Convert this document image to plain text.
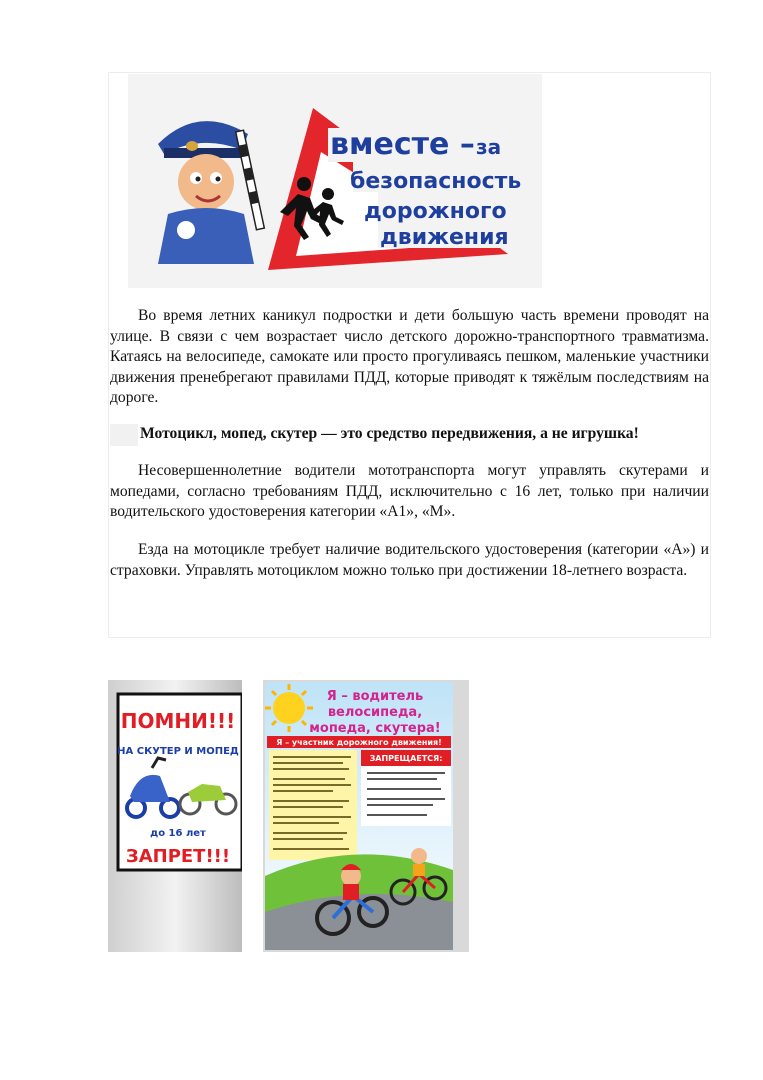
вместе – за
безопасность
дорожного
движения

Во время летних каникул подростки и дети большую часть времени проводят на улице. В связи с чем возрастает число детского дорожно-транспортного травматизма. Катаясь на велосипеде, самокате или просто прогуливаясь пешком, маленькие участники движения пренебрегают правилами ПДД, которые приводят к тяжёлым последствиям на дороге.

Мотоцикл, мопед, скутер — это средство передвижения, а не игрушка!

Несовершеннолетние водители мототранспорта могут управлять скутерами и мопедами, согласно требованиям ПДД, исключительно с 16 лет, только при наличии водительского удостоверения категории «А1», «М».

Езда на мотоцикле требует наличие водительского удостоверения (категории «А») и страховки. Управлять мотоциклом можно только при достижении 18-летнего возраста.

ПОМНИ!!!
НА СКУТЕР И МОПЕД
до 16 лет
ЗАПРЕТ!!!
Я – водитель
велосипеда,
мопеда, скутера!
Я – участник дорожного движения!
ЗАПРЕЩАЕТСЯ:
